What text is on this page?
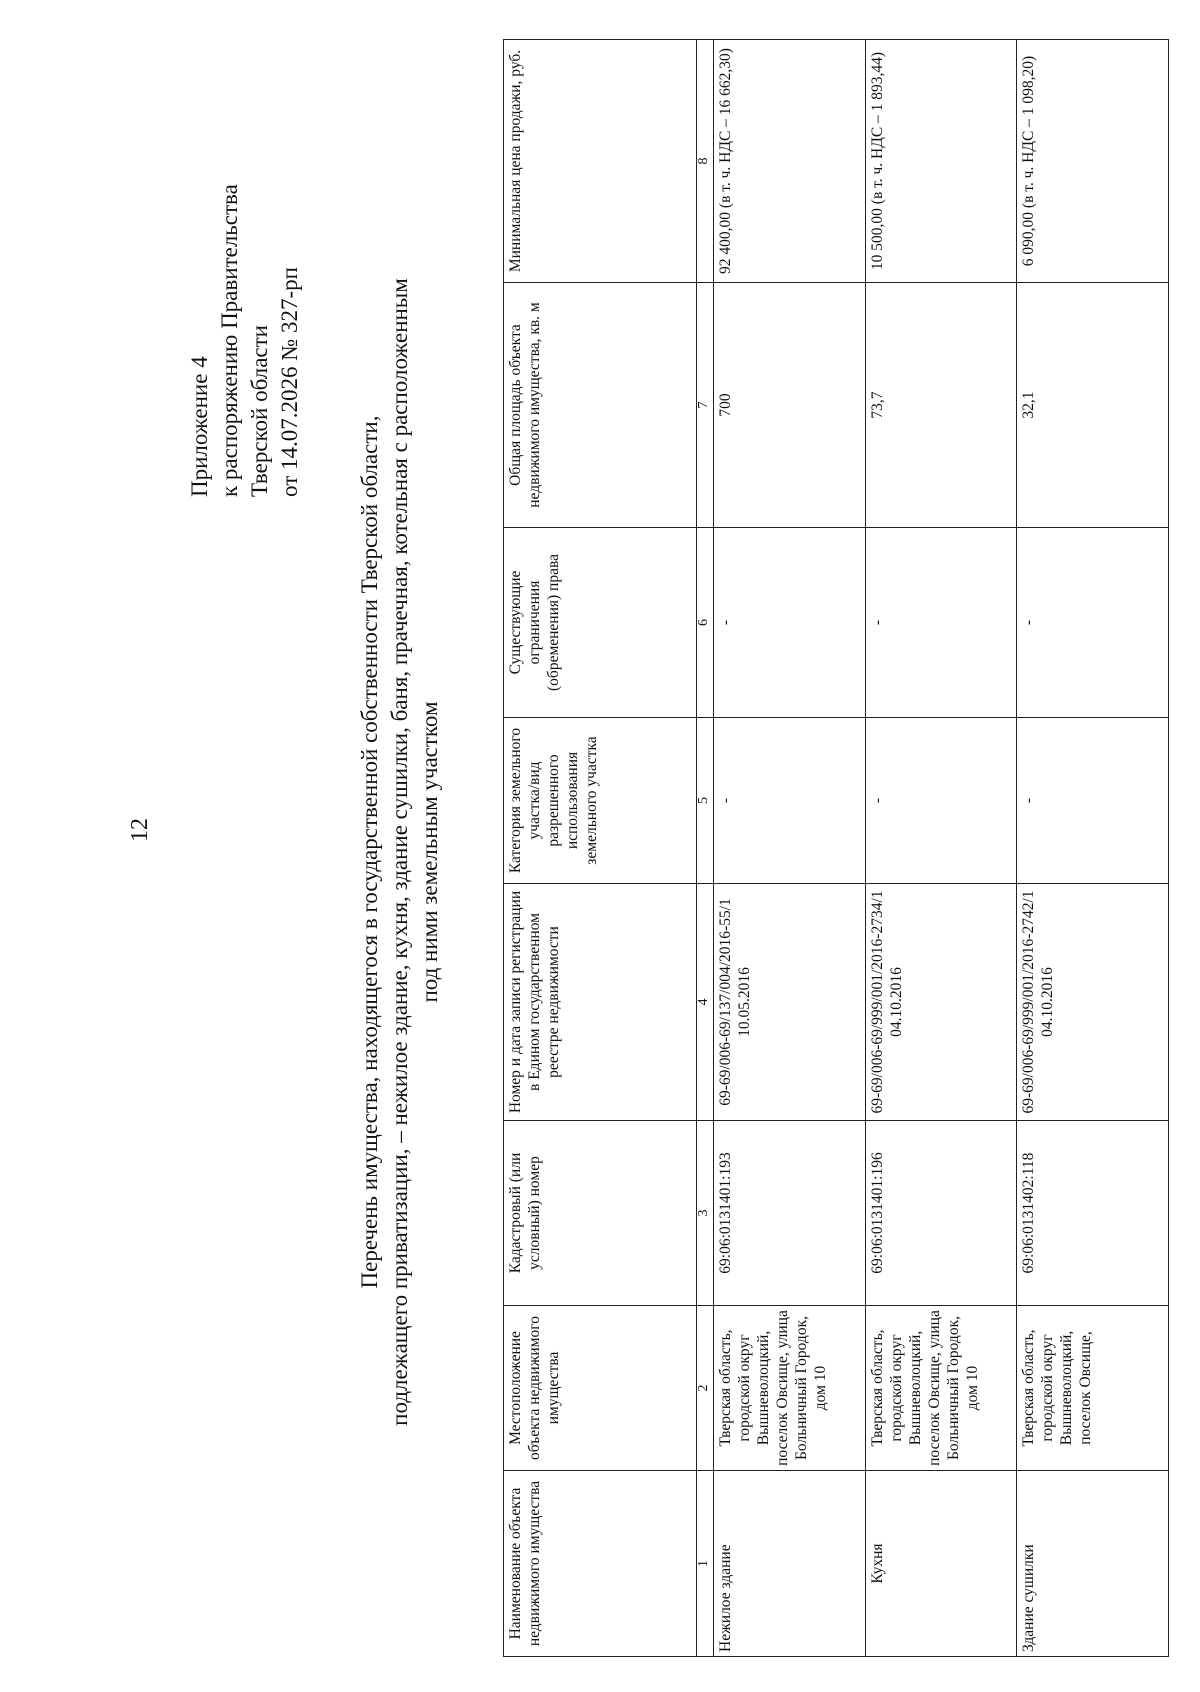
12
Приложение 4 к распоряжению Правительства Тверской области от 14.07.2026 № 327-рп
Перечень имущества, находящегося в государственной собственности Тверской области, подлежащего приватизации, – нежилое здание, кухня, здание сушилки, баня, прачечная, котельная с расположенным под ними земельным участком
Наименование объекта недвижимого имущества	Местоположение объекта недвижимого имущества	Кадастровый (или условный) номер	Номер и дата записи регистрации в Едином государственном реестре недвижимости	Категория земельного участка/вид разрешенного использования земельного участка	Существующие ограничения (обременения) права	Общая площадь объекта недвижимого имущества, кв. м	Минимальная цена продажи, руб.
1	2	3	4	5	6	7	8
Нежилое здание	Тверская область, городской округ Вышневолоцкий, поселок Овсище, улица Больничный Городок, дом 10	69:06:0131401:193	69-69/006-69/137/004/2016-55/1 10.05.2016	-	-	700	92 400,00 (в т. ч. НДС – 16 662,30)
Кухня	Тверская область, городской округ Вышневолоцкий, поселок Овсище, улица Больничный Городок, дом 10	69:06:0131401:196	69-69/006-69/999/001/2016-2734/1 04.10.2016	-	-	73,7	10 500,00 (в т. ч. НДС – 1 893,44)
Здание сушилки	Тверская область, городской округ Вышневолоцкий, поселок Овсище,	69:06:0131402:118	69-69/006-69/999/001/2016-2742/1 04.10.2016	-	-	32,1	6 090,00 (в т. ч. НДС – 1 098,20)
